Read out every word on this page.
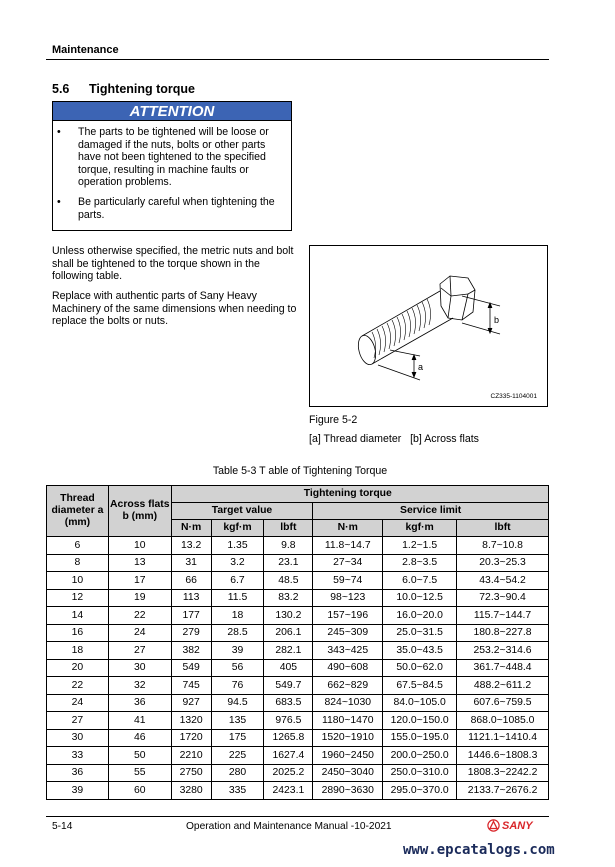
Maintenance
5.6 Tightening torque
ATTENTION
• The parts to be tightened will be loose or damaged if the nuts, bolts or other parts have not been tightened to the specified torque, resulting in machine faults or operation problems.
• Be particularly careful when tightening the parts.
Unless otherwise specified, the metric nuts and bolt shall be tightened to the torque shown in the following table.
Replace with authentic parts of Sany Heavy Machinery of the same dimensions when needing to replace the bolts or nuts.	b
a
CZ335-1104001
Figure 5-2
[a] Thread diameter   [b] Across flats
Table 5-3 T able of Tightening Torque
Thread diameter a (mm)	Across flats b (mm)	Tightening torque					
		Target value			Service limit		
		N·m	kgf·m	lbft	N·m	kgf·m	lbft
6	10	13.2	1.35	9.8	11.8~14.7	1.2~1.5	8.7~10.8
8	13	31	3.2	23.1	27~34	2.8~3.5	20.3~25.3
10	17	66	6.7	48.5	59~74	6.0~7.5	43.4~54.2
12	19	113	11.5	83.2	98~123	10.0~12.5	72.3~90.4
14	22	177	18	130.2	157~196	16.0~20.0	115.7~144.7
16	24	279	28.5	206.1	245~309	25.0~31.5	180.8~227.8
18	27	382	39	282.1	343~425	35.0~43.5	253.2~314.6
20	30	549	56	405	490~608	50.0~62.0	361.7~448.4
22	32	745	76	549.7	662~829	67.5~84.5	488.2~611.2
24	36	927	94.5	683.5	824~1030	84.0~105.0	607.6~759.5
27	41	1320	135	976.5	1180~1470	120.0~150.0	868.0~1085.0
30	46	1720	175	1265.8	1520~1910	155.0~195.0	1121.1~1410.4
33	50	2210	225	1627.4	1960~2450	200.0~250.0	1446.6~1808.3
36	55	2750	280	2025.2	2450~3040	250.0~310.0	1808.3~2242.2
39	60	3280	335	2423.1	2890~3630	295.0~370.0	2133.7~2676.2
5-14	Operation and Maintenance Manual -10-2021	SANY
www.epcatalogs.com
